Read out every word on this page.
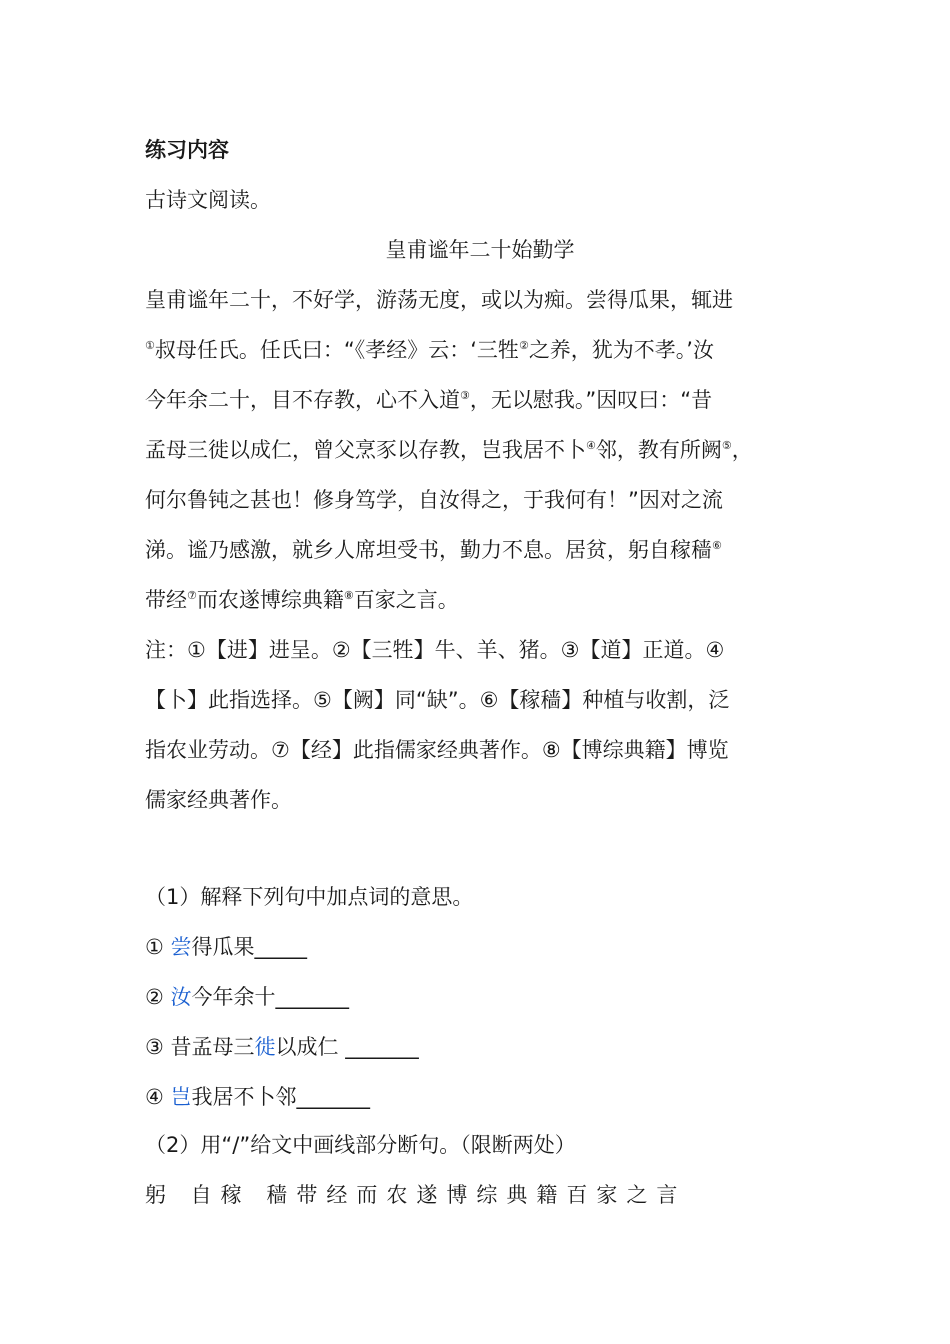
练习内容
古诗文阅读。
皇甫谧年二十始勤学
皇甫谧年二十，不好学，游荡无度，或以为痴。尝得瓜果，辄进
①叔母任氏。任氏曰：“《孝经》云：‘三牲②之养，犹为不孝。’汝
今年余二十，目不存教，心不入道③，无以慰我。”因叹曰：“昔
孟母三徙以成仁，曾父烹豕以存教，岂我居不卜④邻，教有所阙⑤，
何尔鲁钝之甚也！修身笃学，自汝得之，于我何有！”因对之流
涕。谧乃感激，就乡人席坦受书，勤力不息。居贫，躬自稼穑⑥
带经⑦而农遂博综典籍⑧百家之言。
注：①【进】进呈。②【三牲】牛、羊、猪。③【道】正道。④
【卜】此指选择。⑤【阙】同“缺”。⑥【稼穑】种植与收割，泛
指农业劳动。⑦【经】此指儒家经典著作。⑧【博综典籍】博览
儒家经典著作。
（1）解释下列句中加点词的意思。
① 尝得瓜果_____
② 汝今年余十_______
③ 昔孟母三徙以成仁 _______
④ 岂我居不卜邻_______
（2）用“/”给文中画线部分断句。（限断两处）
躬 自稼 穑带经而农遂博综典籍百家之言
